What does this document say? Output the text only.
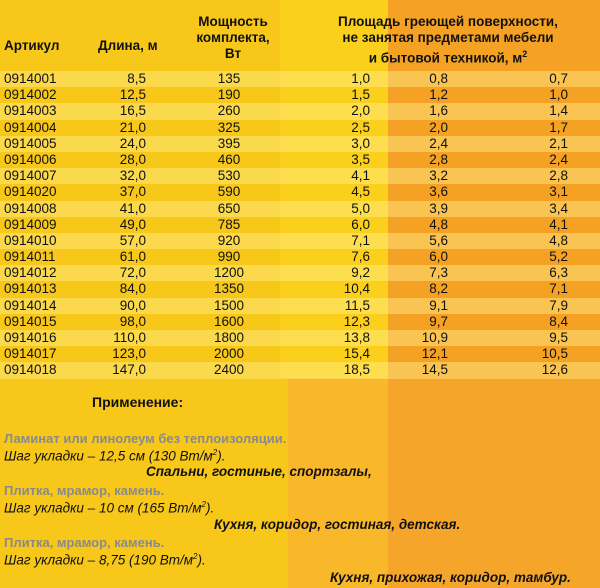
Артикул	Длина, м
Мощность
комплекта,
Вт
Площадь греющей поверхности,
не занятая предметами мебели
и бытовой техникой, $м^2$
0914001	8,5	135	1,0	0,8	0,7
0914002	12,5	190	1,5	1,2	1,0
0914003	16,5	260	2,0	1,6	1,4
0914004	21,0	325	2,5	2,0	1,7
0914005	24,0	395	3,0	2,4	2,1
0914006	28,0	460	3,5	2,8	2,4
0914007	32,0	530	4,1	3,2	2,8
0914020	37,0	590	4,5	3,6	3,1
0914008	41,0	650	5,0	3,9	3,4
0914009	49,0	785	6,0	4,8	4,1
0914010	57,0	920	7,1	5,6	4,8
0914011	61,0	990	7,6	6,0	5,2
0914012	72,0	1200	9,2	7,3	6,3
0914013	84,0	1350	10,4	8,2	7,1
0914014	90,0	1500	11,5	9,1	7,9
0914015	98,0	1600	12,3	9,7	8,4
0914016	110,0	1800	13,8	10,9	9,5
0914017	123,0	2000	15,4	12,1	10,5
0914018	147,0	2400	18,5	14,5	12,6
Применение:
Ламинат или линолеум без теплоизоляции.
Шаг укладки – 12,5 см (130 $Вт/м^2$).
Спальни, гостиные, спортзалы,
Плитка, мрамор, камень.
Шаг укладки – 10 см (165 $Вт/м^2$).
Кухня, коридор, гостиная, детская.
Плитка, мрамор, камень.
Шаг укладки – 8,75 (190 $Вт/м^2$).
Кухня, прихожая, коридор, тамбур.
